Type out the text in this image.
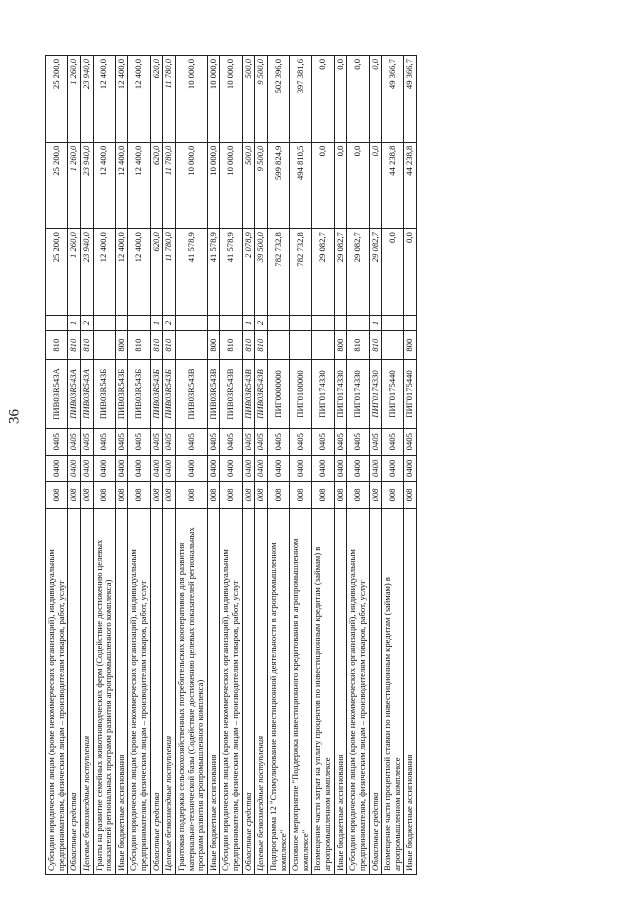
36
Субсидии юридическим лицам (кроме некоммерческих организаций), индивидуальным предпринимателям, физическим лицам – производителям товаров, работ, услуг	008	0400	0405	ПИВ03R543А	810		25 200,0	25 200,0	25 200,0
Областные средства	008	0400	0405	ПИВ03R543А	810	1	1 260,0	1 260,0	1 260,0
Целевые безвозмездные поступления	008	0400	0405	ПИВ03R543А	810	2	23 940,0	23 940,0	23 940,0
Гранты на развитие семейных животноводческих ферм (Содействие достижению целевых показателей региональных программ развития агропромышленного комплекса)	008	0400	0405	ПИВ03R543Б			12 400,0	12 400,0	12 400,0
Иные бюджетные ассигнования	008	0400	0405	ПИВ03R543Б	800		12 400,0	12 400,0	12 400,0
Субсидии юридическим лицам (кроме некоммерческих организаций), индивидуальным предпринимателям, физическим лицам – производителям товаров, работ, услуг	008	0400	0405	ПИВ03R543Б	810		12 400,0	12 400,0	12 400,0
Областные средства	008	0400	0405	ПИВ03R543Б	810	1	620,0	620,0	620,0
Целевые безвозмездные поступления	008	0400	0405	ПИВ03R543Б	810	2	11 780,0	11 780,0	11 780,0
Грантовая поддержка сельскохозяйственных потребительских кооперативов для развития материально-технической базы (Содействие достижению целевых показателей региональных программ развития агропромышленного комплекса)	008	0400	0405	ПИВ03R543В			41 578,9	10 000,0	10 000,0
Иные бюджетные ассигнования	008	0400	0405	ПИВ03R543В	800		41 578,9	10 000,0	10 000,0
Субсидии юридическим лицам (кроме некоммерческих организаций), индивидуальным предпринимателям, физическим лицам – производителям товаров, работ, услуг	008	0400	0405	ПИВ03R543В	810		41 578,9	10 000,0	10 000,0
Областные средства	008	0400	0405	ПИВ03R543В	810	1	2 078,9	500,0	500,0
Целевые безвозмездные поступления	008	0400	0405	ПИВ03R543В	810	2	39 500,0	9 500,0	9 500,0
Подпрограмма 12 "Стимулирование инвестиционной деятельности в агропромышленном комплексе"	008	0400	0405	ПИГ0000000			782 732,8	599 824,9	502 396,0
Основное мероприятие "Поддержка инвестиционного кредитования в агропромышленном комплексе"	008	0400	0405	ПИГ0100000			782 732,8	494 810,5	397 381,6
Возмещение части затрат на уплату процентов по инвестиционным кредитам (займам) в агропромышленном комплексе	008	0400	0405	ПИГ0174330			29 082,7	0,0	0,0
Иные бюджетные ассигнования	008	0400	0405	ПИГ0174330	800		29 082,7	0,0	0,0
Субсидии юридическим лицам (кроме некоммерческих организаций), индивидуальным предпринимателям, физическим лицам – производителям товаров, работ, услуг	008	0400	0405	ПИГ0174330	810		29 082,7	0,0	0,0
Областные средства	008	0400	0405	ПИГ0174330	810	1	29 082,7	0,0	0,0
Возмещение части процентной ставки по инвестиционным кредитам (займам) в агропромышленном комплексе	008	0400	0405	ПИГ0175440			0,0	44 238,8	49 366,7
Иные бюджетные ассигнования	008	0400	0405	ПИГ0175440	800		0,0	44 238,8	49 366,7
